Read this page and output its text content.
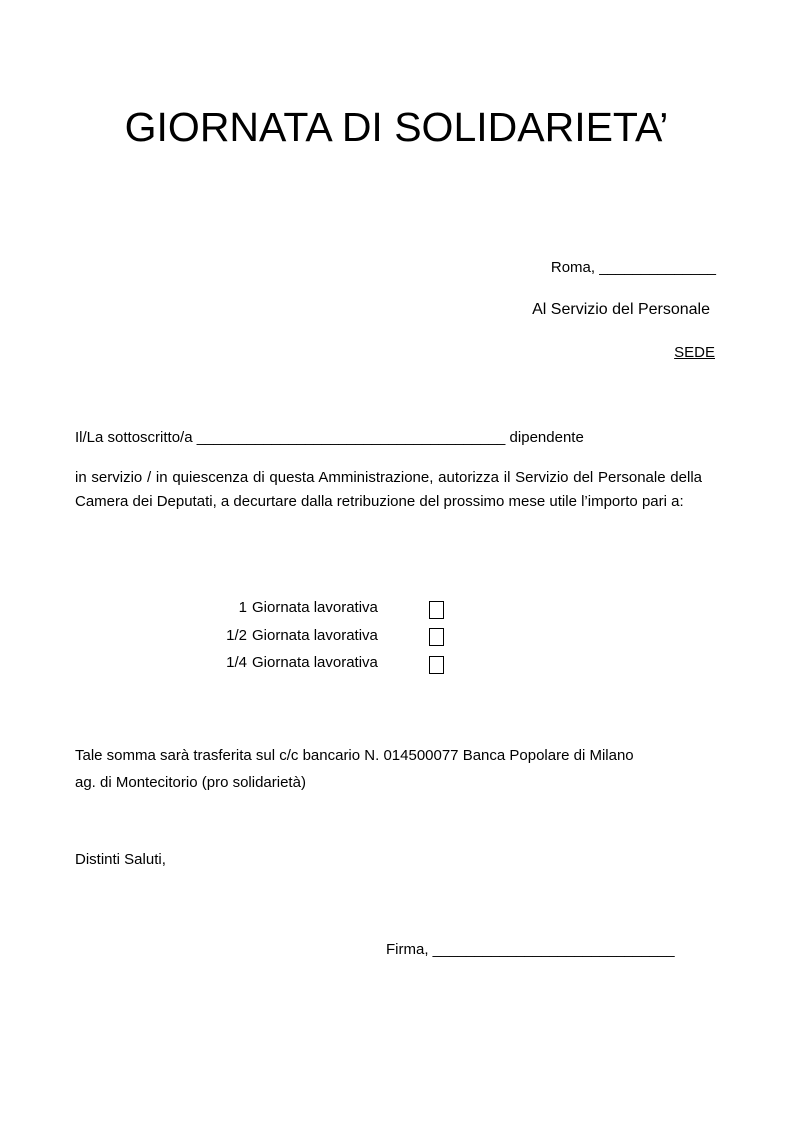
GIORNATA DI SOLIDARIETA’
Roma, ______________
Al Servizio del Personale
SEDE
Il/La sottoscritto/a _____________________________________ dipendente
in servizio / in quiescenza di questa Amministrazione, autorizza il Servizio del Personale della Camera dei Deputati, a decurtare dalla retribuzione del prossimo mese utile l’importo pari a:
1 Giornata lavorativa
1/2 Giornata lavorativa
1/4 Giornata lavorativa
Tale somma sarà trasferita sul c/c bancario N. 014500077 Banca Popolare di Milano
ag. di Montecitorio (pro solidarietà)
Distinti Saluti,
Firma, _____________________________
